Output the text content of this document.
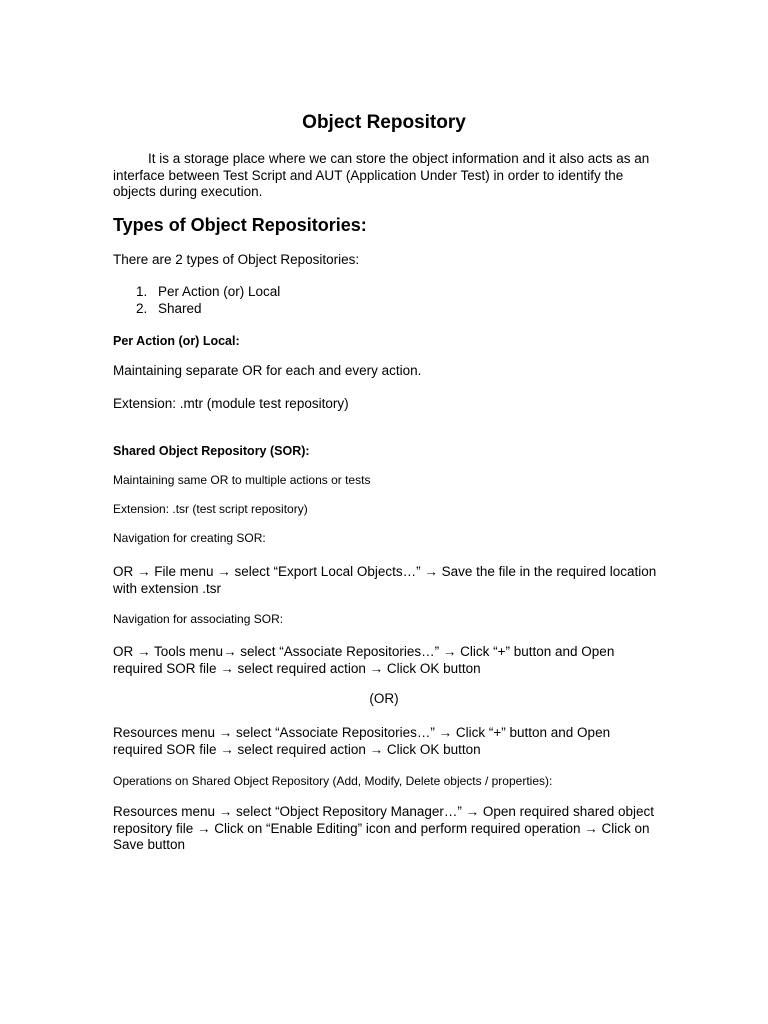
Object Repository

It is a storage place where we can store the object information and it also acts as an interface between Test Script and AUT (Application Under Test) in order to identify the objects during execution.

Types of Object Repositories:

There are 2 types of Object Repositories:

1. Per Action (or) Local
2. Shared
Per Action (or) Local:

Maintaining separate OR for each and every action.

Extension: .mtr (module test repository)

Shared Object Repository (SOR):

Maintaining same OR to multiple actions or tests

Extension: .tsr (test script repository)

Navigation for creating SOR:

OR → File menu → select “Export Local Objects…” → Save the file in the required location with extension .tsr

Navigation for associating SOR:

OR → Tools menu→ select “Associate Repositories…” → Click “+” button and Open required SOR file → select required action → Click OK button

(OR)

Resources menu → select “Associate Repositories…” → Click “+” button and Open required SOR file → select required action → Click OK button

Operations on Shared Object Repository (Add, Modify, Delete objects / properties):

Resources menu → select “Object Repository Manager…” → Open required shared object repository file → Click on “Enable Editing” icon and perform required operation → Click on Save button
